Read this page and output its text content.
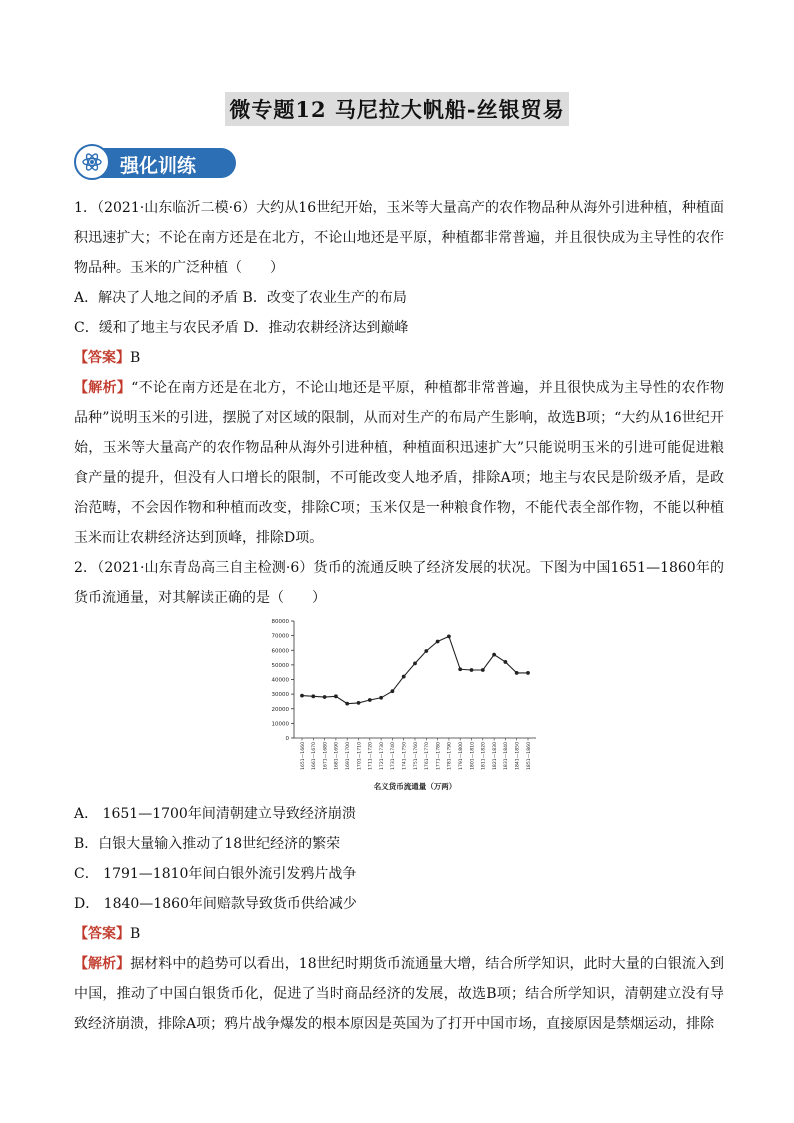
微专题12 马尼拉大帆船-丝银贸易
强化训练

1．（2021·山东临沂二模·6）大约从16世纪开始，玉米等大量高产的农作物品种从海外引进种植，种植面积迅速扩大；不论在南方还是在北方，不论山地还是平原，种植都非常普遍，并且很快成为主导性的农作物品种。玉米的广泛种植（　　）

A．解决了人地之间的矛盾 B．改变了农业生产的布局

C．缓和了地主与农民矛盾 D．推动农耕经济达到巅峰

【答案】B

【解析】“不论在南方还是在北方，不论山地还是平原，种植都非常普遍，并且很快成为主导性的农作物品种”说明玉米的引进，摆脱了对区域的限制，从而对生产的布局产生影响，故选B项；“大约从16世纪开始，玉米等大量高产的农作物品种从海外引进种植，种植面积迅速扩大”只能说明玉米的引进可能促进粮食产量的提升，但没有人口增长的限制，不可能改变人地矛盾，排除A项；地主与农民是阶级矛盾，是政治范畴，不会因作物和种植而改变，排除C项；玉米仅是一种粮食作物，不能代表全部作物，不能以种植玉米而让农耕经济达到顶峰，排除D项。

2．（2021·山东青岛高三自主检测·6）货币的流通反映了经济发展的状况。下图为中国1651—1860年的货币流通量，对其解读正确的是（　　）

0
10000
20000
30000
40000
50000
60000
70000
80000
1651—1660 1661—1670 1671—1680 1681—1690 1691—1700 1701—1710 1711—1720 1721—1730 1731—1740 1741—1750 1751—1760 1761—1770 1771—1780 1781—1790 1791—1800 1801—1810 1811—1820 1821—1830 1831—1840 1841—1850 1851—1860
名义货币流通量（万两）

A． 1651—1700年间清朝建立导致经济崩溃

B．白银大量输入推动了18世纪经济的繁荣

C． 1791—1810年间白银外流引发鸦片战争

D． 1840—1860年间赔款导致货币供给减少

【答案】B

【解析】据材料中的趋势可以看出，18世纪时期货币流通量大增，结合所学知识，此时大量的白银流入到中国，推动了中国白银货币化，促进了当时商品经济的发展，故选B项；结合所学知识，清朝建立没有导致经济崩溃，排除A项；鸦片战争爆发的根本原因是英国为了打开中国市场，直接原因是禁烟运动，排除
